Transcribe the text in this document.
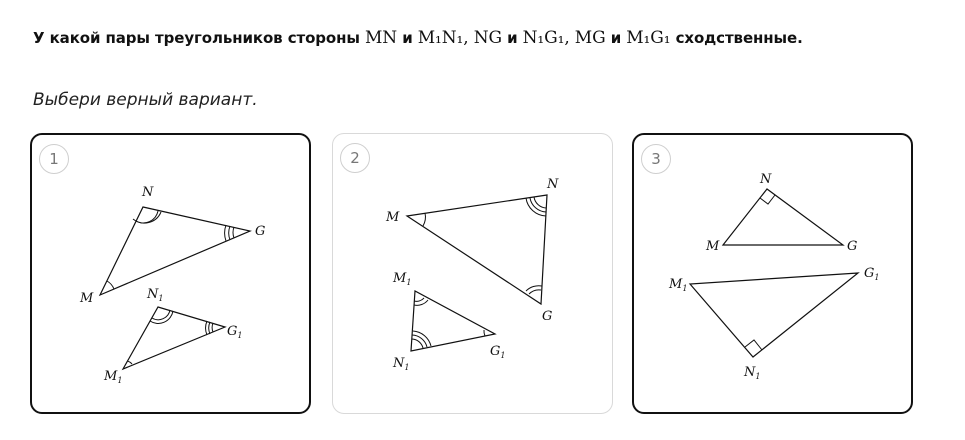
У какой пары треугольников стороны MN и M₁N₁, NG и N₁G₁, MG и M₁G₁ сходственные.
Выбери верный вариант.
1
M
N
G
$N_1$
$G_1$
$M_1$
2
M
N
G
$M_1$
$N_1$
$G_1$
3
N
M	G
$M_1$
$G_1$
$N_1$
